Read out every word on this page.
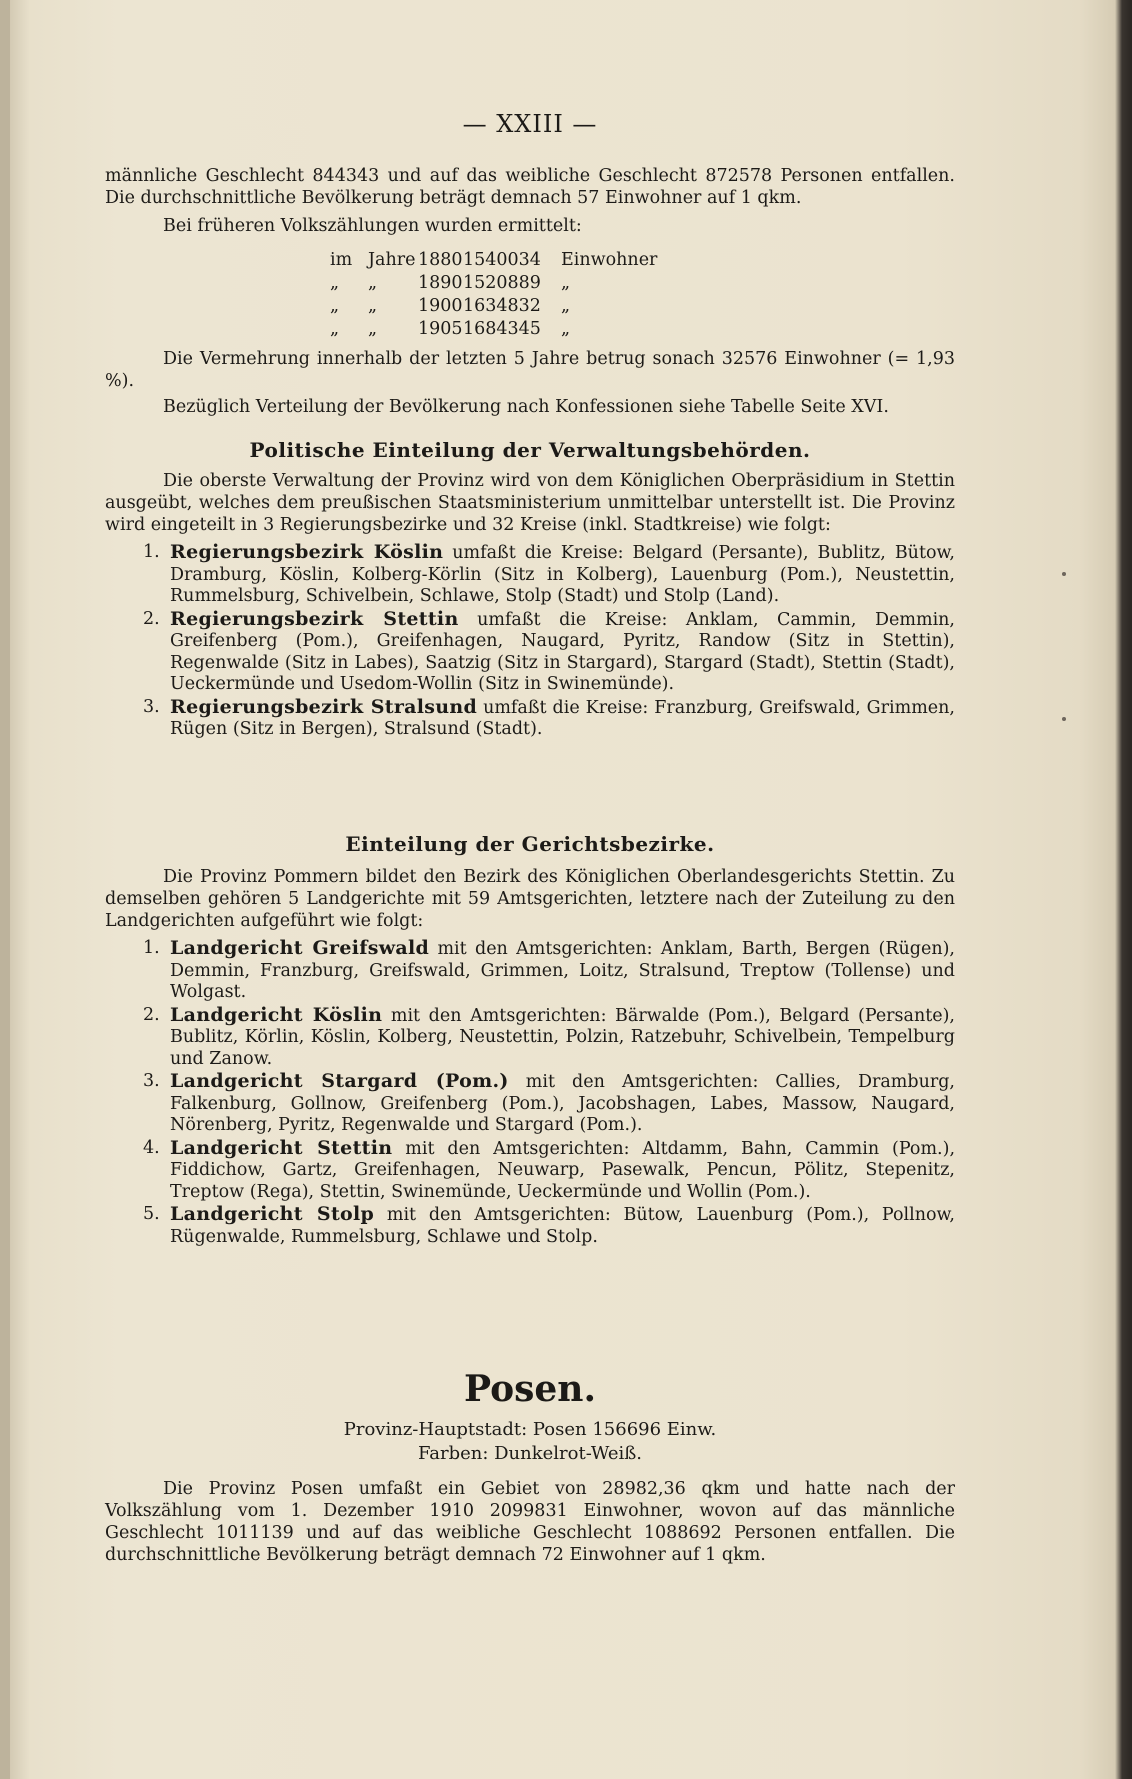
— XXIII —

männliche Geschlecht 844343 und auf das weibliche Geschlecht 872578 Personen entfallen. Die durchschnittliche Bevölkerung beträgt demnach 57 Einwohner auf 1 qkm.

Bei früheren Volkszählungen wurden ermittelt:

im Jahre 1880 1540034	Einwohner
„	„	1890 1520889	„
„	„	1900 1634832	„
„	„	1905 1684345	„

Die Vermehrung innerhalb der letzten 5 Jahre betrug sonach 32576 Einwohner (= 1,93 %).

Bezüglich Verteilung der Bevölkerung nach Konfessionen siehe Tabelle Seite XVI.

Politische Einteilung der Verwaltungsbehörden.

Die oberste Verwaltung der Provinz wird von dem Königlichen Oberpräsidium in Stettin ausgeübt, welches dem preußischen Staatsministerium unmittelbar unterstellt ist. Die Provinz wird eingeteilt in 3 Regierungsbezirke und 32 Kreise (inkl. Stadtkreise) wie folgt:

1. Regierungsbezirk Köslin umfaßt die Kreise: Belgard (Persante), Bublitz, Bütow, Dramburg, Köslin, Kolberg-Körlin (Sitz in Kolberg), Lauenburg (Pom.), Neustettin, Rummelsburg, Schivelbein, Schlawe, Stolp (Stadt) und Stolp (Land).
2. Regierungsbezirk Stettin umfaßt die Kreise: Anklam, Cammin, Demmin, Greifenberg (Pom.), Greifenhagen, Naugard, Pyritz, Randow (Sitz in Stettin), Regenwalde (Sitz in Labes), Saatzig (Sitz in Stargard), Stargard (Stadt), Stettin (Stadt), Ueckermünde und Usedom-Wollin (Sitz in Swinemünde).
3. Regierungsbezirk Stralsund umfaßt die Kreise: Franzburg, Greifswald, Grimmen, Rügen (Sitz in Bergen), Stralsund (Stadt).
Einteilung der Gerichtsbezirke.

Die Provinz Pommern bildet den Bezirk des Königlichen Oberlandesgerichts Stettin. Zu demselben gehören 5 Landgerichte mit 59 Amtsgerichten, letztere nach der Zuteilung zu den Landgerichten aufgeführt wie folgt:

1. Landgericht Greifswald mit den Amtsgerichten: Anklam, Barth, Bergen (Rügen), Demmin, Franzburg, Greifswald, Grimmen, Loitz, Stralsund, Treptow (Tollense) und Wolgast.
2. Landgericht Köslin mit den Amtsgerichten: Bärwalde (Pom.), Belgard (Persante), Bublitz, Körlin, Köslin, Kolberg, Neustettin, Polzin, Ratzebuhr, Schivelbein, Tempelburg und Zanow.
3. Landgericht Stargard (Pom.) mit den Amtsgerichten: Callies, Dramburg, Falkenburg, Gollnow, Greifenberg (Pom.), Jacobshagen, Labes, Massow, Naugard, Nörenberg, Pyritz, Regenwalde und Stargard (Pom.).
4. Landgericht Stettin mit den Amtsgerichten: Altdamm, Bahn, Cammin (Pom.), Fiddichow, Gartz, Greifenhagen, Neuwarp, Pasewalk, Pencun, Pölitz, Stepenitz, Treptow (Rega), Stettin, Swinemünde, Ueckermünde und Wollin (Pom.).
5. Landgericht Stolp mit den Amtsgerichten: Bütow, Lauenburg (Pom.), Pollnow, Rügenwalde, Rummelsburg, Schlawe und Stolp.
Posen.
Provinz-Hauptstadt: Posen 156696 Einw.
Farben: Dunkelrot-Weiß.

Die Provinz Posen umfaßt ein Gebiet von 28982,36 qkm und hatte nach der Volkszählung vom 1. Dezember 1910 2099831 Einwohner, wovon auf das männliche Geschlecht 1011139 und auf das weibliche Geschlecht 1088692 Personen entfallen. Die durchschnittliche Bevölkerung beträgt demnach 72 Einwohner auf 1 qkm.
